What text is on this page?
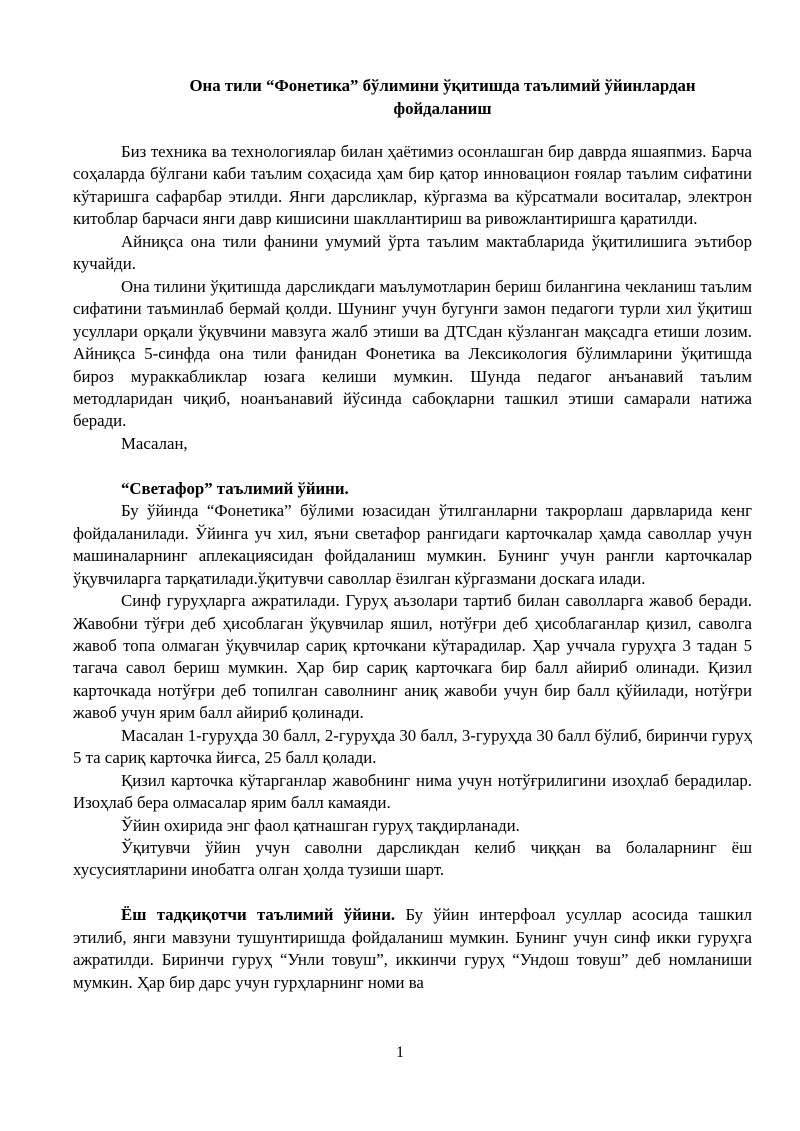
Она тили “Фонетика” бўлимини ўқитишда таълимий ўйинлардан
фойдаланиш

Биз техника ва технологиялар билан ҳаётимиз осонлашган бир даврда яшаяпмиз. Барча соҳаларда бўлгани каби таълим соҳасида ҳам бир қатор инновацион ғоялар таълим сифатини кўтаришга сафарбар этилди. Янги дарсликлар, кўргазма ва кўрсатмали воситалар, электрон китоблар барчаси янги давр кишисини шакллантириш ва ривожлантиришга қаратилди.

Айниқса она тили фанини умумий ўрта таълим мактабларида ўқитилишига эътибор кучайди.

Она тилини ўқитишда дарсликдаги маълумотларин бериш билангина чекланиш таълим сифатини таъминлаб бермай қолди. Шунинг учун бугунги замон педагоги турли хил ўқитиш усуллари орқали ўқувчини мавзуга жалб этиши ва ДТСдан кўзланган мақсадга етиши лозим. Айниқса 5-синфда она тили фанидан Фонетика ва Лексикология бўлимларини ўқитишда бироз мураккабликлар юзага келиши мумкин. Шунда педагог анъанавий таълим методларидан чиқиб, ноанъанавий йўсинда сабоқларни ташкил этиши самарали натижа беради.

Масалан,

“Светафор” таълимий ўйини.

Бу ўйинда “Фонетика” бўлими юзасидан ўтилганларни такрорлаш дарвларида кенг фойдаланилади. Ўйинга уч хил, яъни светафор рангидаги карточкалар ҳамда саволлар учун машиналарнинг аплекациясидан фойдаланиш мумкин. Бунинг учун рангли карточкалар ўқувчиларга тарқатилади.ўқитувчи саволлар ёзилган кўргазмани доскага илади.

Синф гуруҳларга ажратилади. Гуруҳ аъзолари тартиб билан саволларга жавоб беради. Жавобни тўғри деб ҳисоблаган ўқувчилар яшил, нотўғри деб ҳисоблаганлар қизил, саволга жавоб топа олмаган ўқувчилар сариқ крточкани кўтарадилар. Ҳар уччала гуруҳга 3 тадан 5 тагача савол бериш мумкин. Ҳар бир сариқ карточкага бир балл айириб олинади. Қизил карточкада нотўғри деб топилган саволнинг аниқ жавоби учун бир балл қўйилади, нотўғри жавоб учун ярим балл айириб қолинади.

Масалан 1-гуруҳда 30 балл, 2-гуруҳда 30 балл, 3-гуруҳда 30 балл бўлиб, биринчи гуруҳ 5 та сариқ карточка йиғса, 25 балл қолади.

Қизил карточка кўтарганлар жавобнинг нима учун нотўғрилигини изоҳлаб берадилар. Изоҳлаб бера олмасалар ярим балл камаяди.

Ўйин охирида энг фаол қатнашган гуруҳ тақдирланади.

Ўқитувчи ўйин учун саволни дарсликдан келиб чиққан ва болаларнинг ёш хусусиятларини инобатга олган ҳолда тузиши шарт.

Ёш тадқиқотчи таълимий ўйини. Бу ўйин интерфоал усуллар асосида ташкил этилиб, янги мавзуни тушунтиришда фойдаланиш мумкин. Бунинг учун синф икки гуруҳга ажратилди. Биринчи гуруҳ “Унли товуш”, иккинчи гуруҳ “Ундош товуш” деб номланиши мумкин. Ҳар бир дарс учун гурҳларнинг номи ва

1
